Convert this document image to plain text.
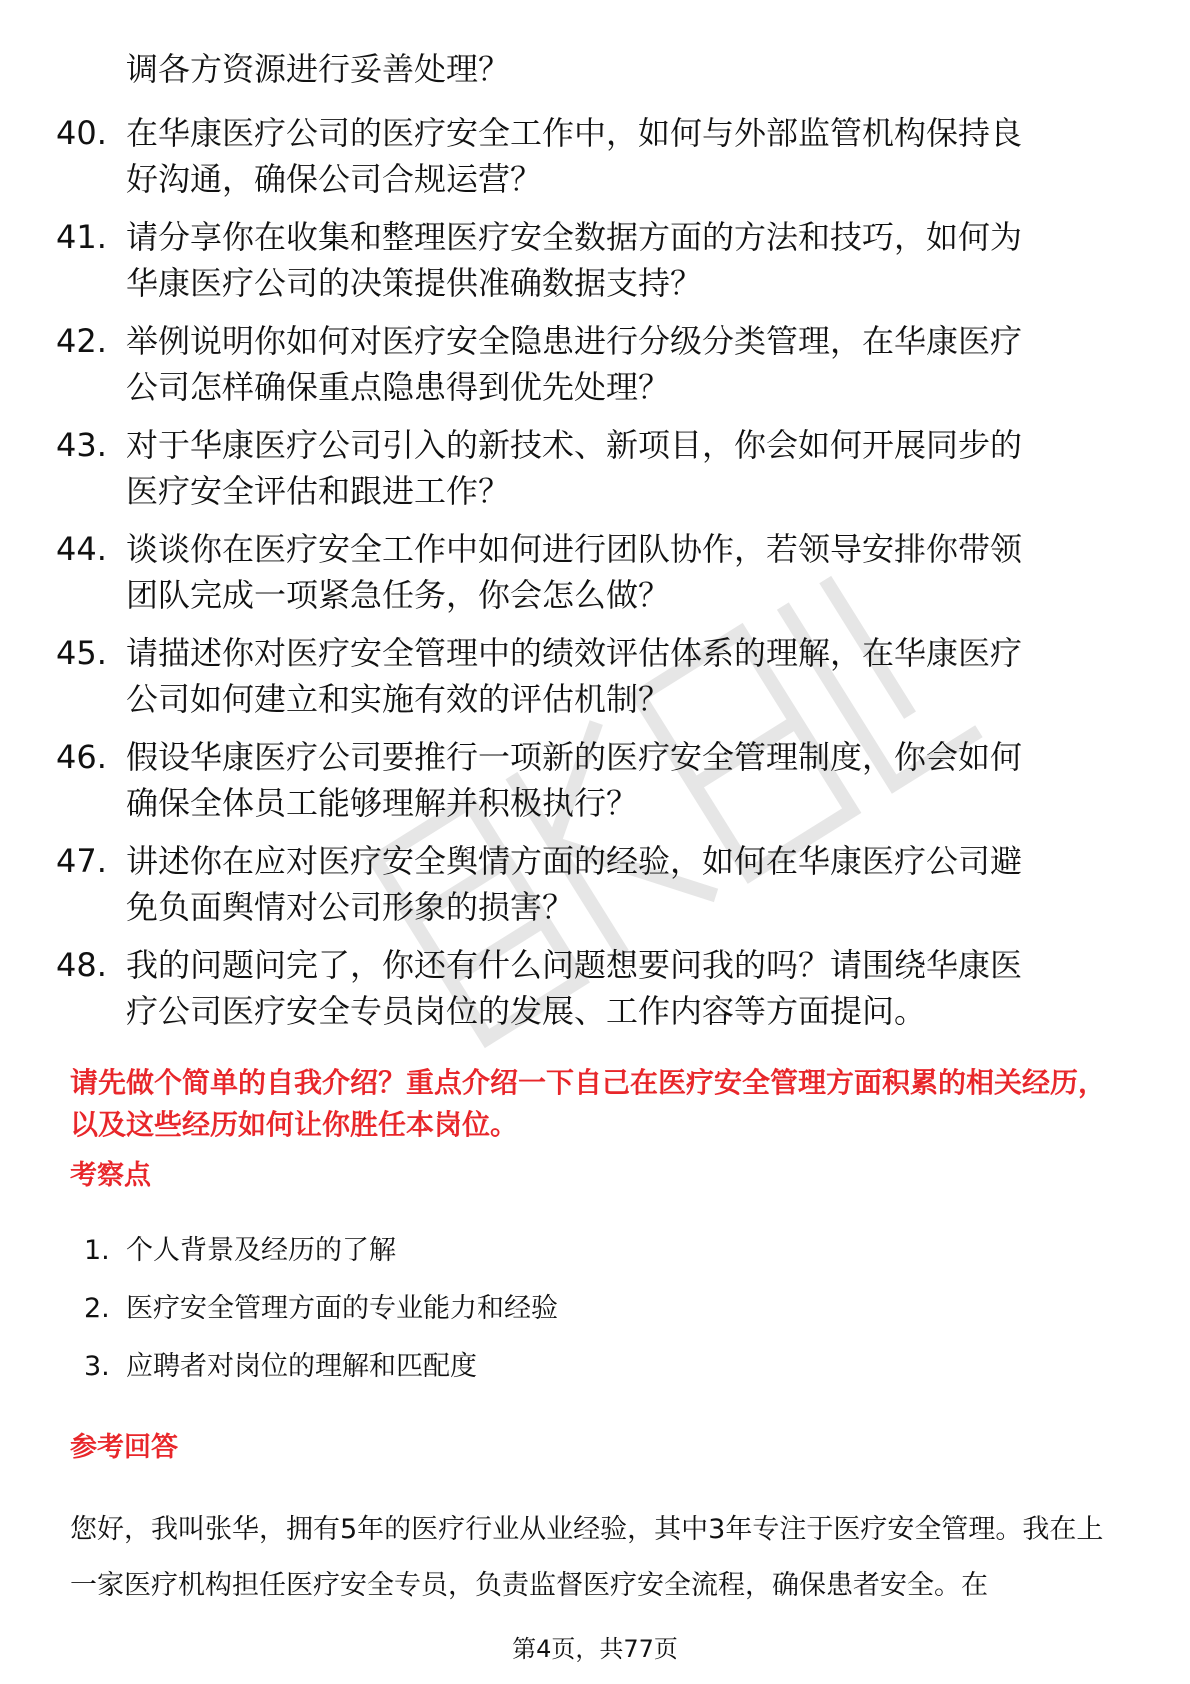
调各方资源进行妥善处理？

40. 在华康医疗公司的医疗安全工作中，如何与外部监管机构保持良好沟通，确保公司合规运营？
41. 请分享你在收集和整理医疗安全数据方面的方法和技巧，如何为华康医疗公司的决策提供准确数据支持？
42. 举例说明你如何对医疗安全隐患进行分级分类管理，在华康医疗公司怎样确保重点隐患得到优先处理？
43. 对于华康医疗公司引入的新技术、新项目，你会如何开展同步的医疗安全评估和跟进工作？
44. 谈谈你在医疗安全工作中如何进行团队协作，若领导安排你带领团队完成一项紧急任务，你会怎么做？
45. 请描述你对医疗安全管理中的绩效评估体系的理解，在华康医疗公司如何建立和实施有效的评估机制？
46. 假设华康医疗公司要推行一项新的医疗安全管理制度，你会如何确保全体员工能够理解并积极执行？
47. 讲述你在应对医疗安全舆情方面的经验，如何在华康医疗公司避免负面舆情对公司形象的损害？
48. 我的问题问完了，你还有什么问题想要问我的吗？请围绕华康医疗公司医疗安全专员岗位的发展、工作内容等方面提问。

请先做个简单的自我介绍？重点介绍一下自己在医疗安全管理方面积累的相关经历，以及这些经历如何让你胜任本岗位。

考察点

1. 个人背景及经历的了解
2. 医疗安全管理方面的专业能力和经验
3. 应聘者对岗位的理解和匹配度

参考回答

您好，我叫张华，拥有5年的医疗行业从业经验，其中3年专注于医疗安全管理。我在上一家医疗机构担任医疗安全专员，负责监督医疗安全流程，确保患者安全。在

第4页，共77页
